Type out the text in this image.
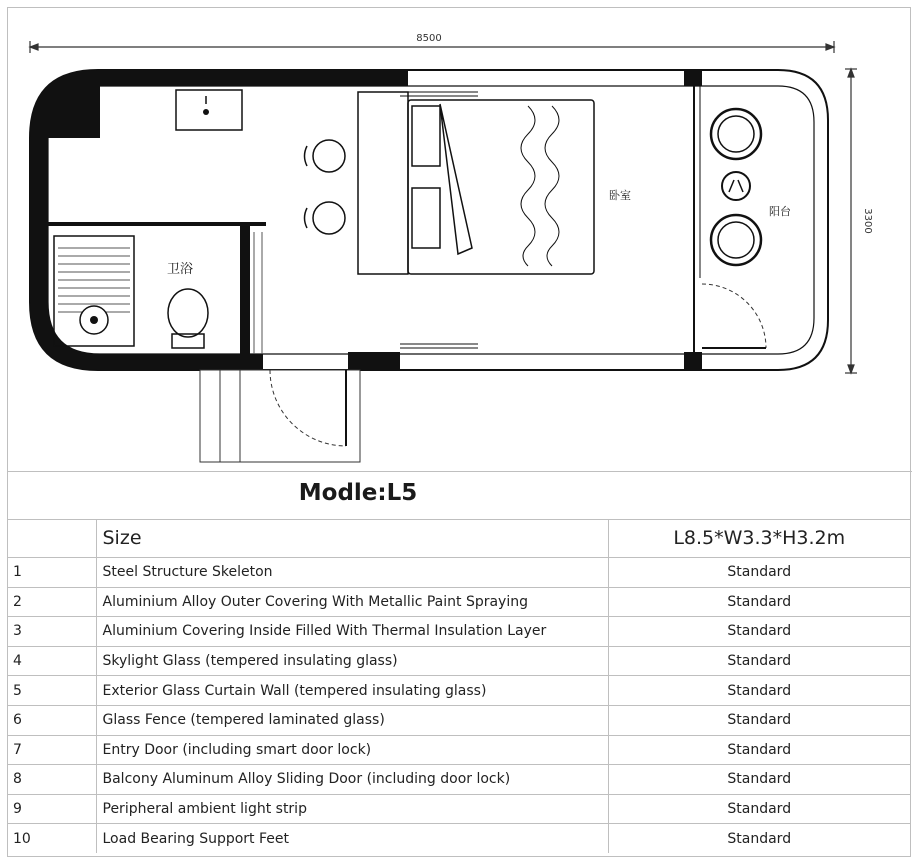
8500
3300
卫浴
卧室
阳台
Modle:L5
	Size	L8.5*W3.3*H3.2m
1	Steel Structure Skeleton	Standard
2	Aluminium Alloy Outer Covering With Metallic Paint Spraying	Standard
3	Aluminium Covering Inside Filled With Thermal Insulation Layer	Standard
4	Skylight Glass (tempered insulating glass)	Standard
5	Exterior Glass Curtain Wall (tempered insulating glass)	Standard
6	Glass Fence (tempered laminated glass)	Standard
7	Entry Door (including smart door lock)	Standard
8	Balcony Aluminum Alloy Sliding Door (including door lock)	Standard
9	Peripheral ambient light strip	Standard
10	Load Bearing Support Feet	Standard
